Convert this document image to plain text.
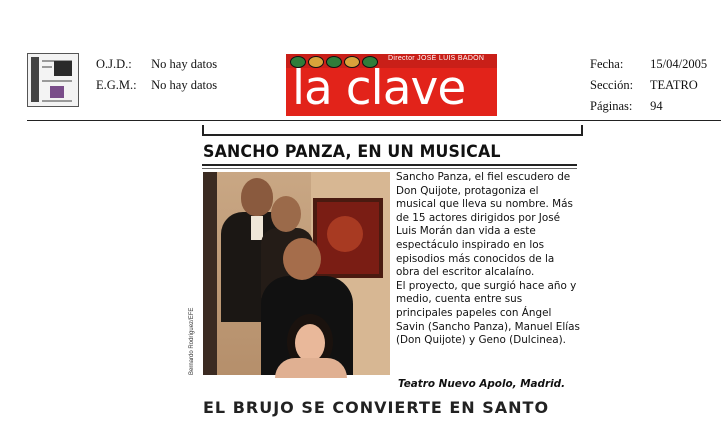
O.J.D.: No hay datos
E.G.M.: No hay datos
Director JOSÉ LUIS BADÓN
la clave	Fecha: 15/04/2005
Sección: TEATRO
Páginas: 94
SANCHO PANZA, EN UN MUSICAL
Bernardo Rodríguez/EFE

Sancho Panza, el fiel escudero de Don Quijote, protagoniza el musical que lleva su nombre. Más de 15 actores dirigidos por José Luis Morán dan vida a este espectáculo inspirado en los episodios más conocidos de la obra del escritor alcalaíno.

El proyecto, que surgió hace año y medio, cuenta entre sus principales papeles con Ángel Savin (Sancho Panza), Manuel Elías (Don Quijote) y Geno (Dulcinea).

Teatro Nuevo Apolo, Madrid.
EL BRUJO SE CONVIERTE EN SANTO
